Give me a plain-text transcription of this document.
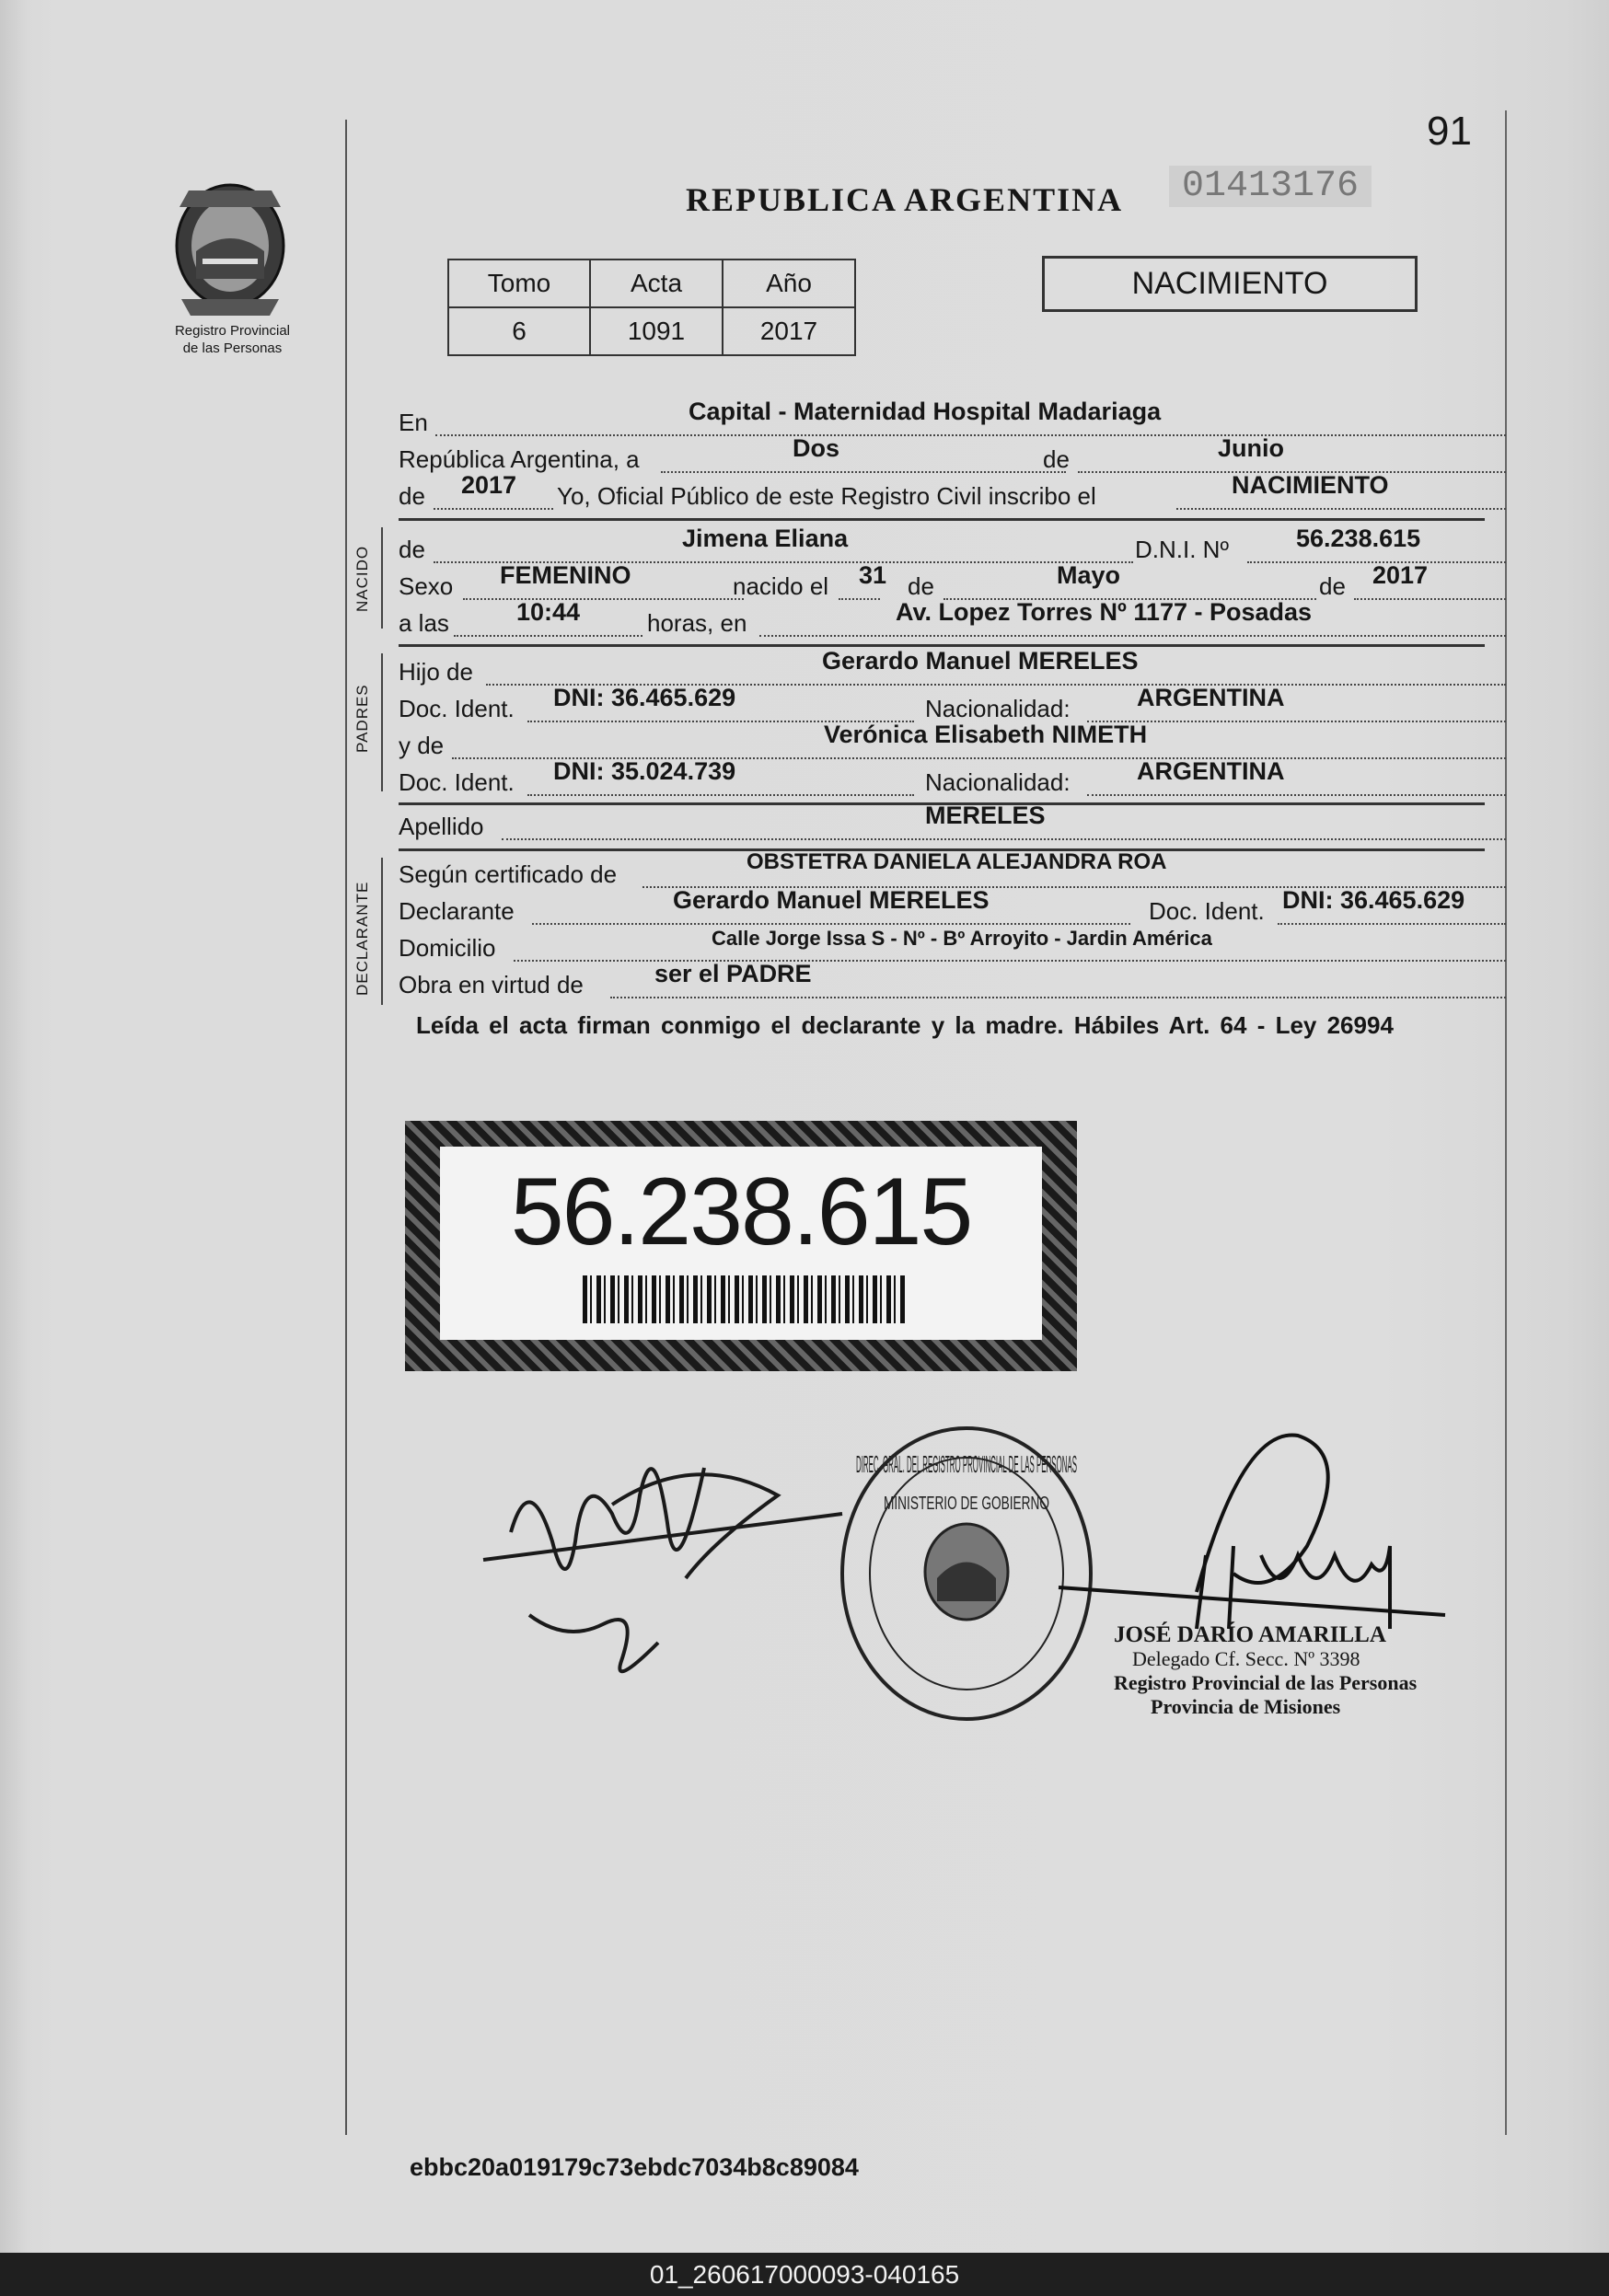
91
REPUBLICA ARGENTINA	01413176
Registro Provincial
de las Personas
Tomo	Acta	Año
6	1091	2017
NACIMIENTO
En	Capital - Maternidad Hospital Madariaga
República Argentina, a	Dos	de	Junio
de 2017 Yo, Oficial Público de este Registro Civil inscribo el	NACIMIENTO
NACIDO de	Jimena Eliana	D.N.I. Nº	56.238.615
Sexo FEMENINO	nacido el 31 de	Mayo	de 2017
a las	10:44	horas, en	Av. Lopez Torres Nº 1177 - Posadas
PADRES
Hijo de	Gerardo Manuel MERELES
Doc. Ident. DNI: 36.465.629	Nacionalidad:	ARGENTINA
y de	Verónica Elisabeth NIMETH
Doc. Ident. DNI: 35.024.739	Nacionalidad:	ARGENTINA
Apellido	MERELES
DECLARANTE
Según certificado de	OBSTETRA DANIELA ALEJANDRA ROA
Declarante	Gerardo Manuel MERELES	Doc. Ident. DNI: 36.465.629
Domicilio	Calle Jorge Issa S - Nº - Bº Arroyito - Jardin América
Obra en virtud de	ser el PADRE
Leída el acta firman conmigo el declarante y la madre. Hábiles Art. 64 - Ley 26994
56.238.615
DIREC. GRAL. DEL REGISTRO PROVINCIAL DE LAS PERSONAS
MINISTERIO DE GOBIERNO
JOSÉ DARÍO AMARILLA
Delegado Cf. Secc. Nº 3398
Registro Provincial de las Personas
Provincia de Misiones
ebbc20a019179c73ebdc7034b8c89084
01_260617000093-040165
